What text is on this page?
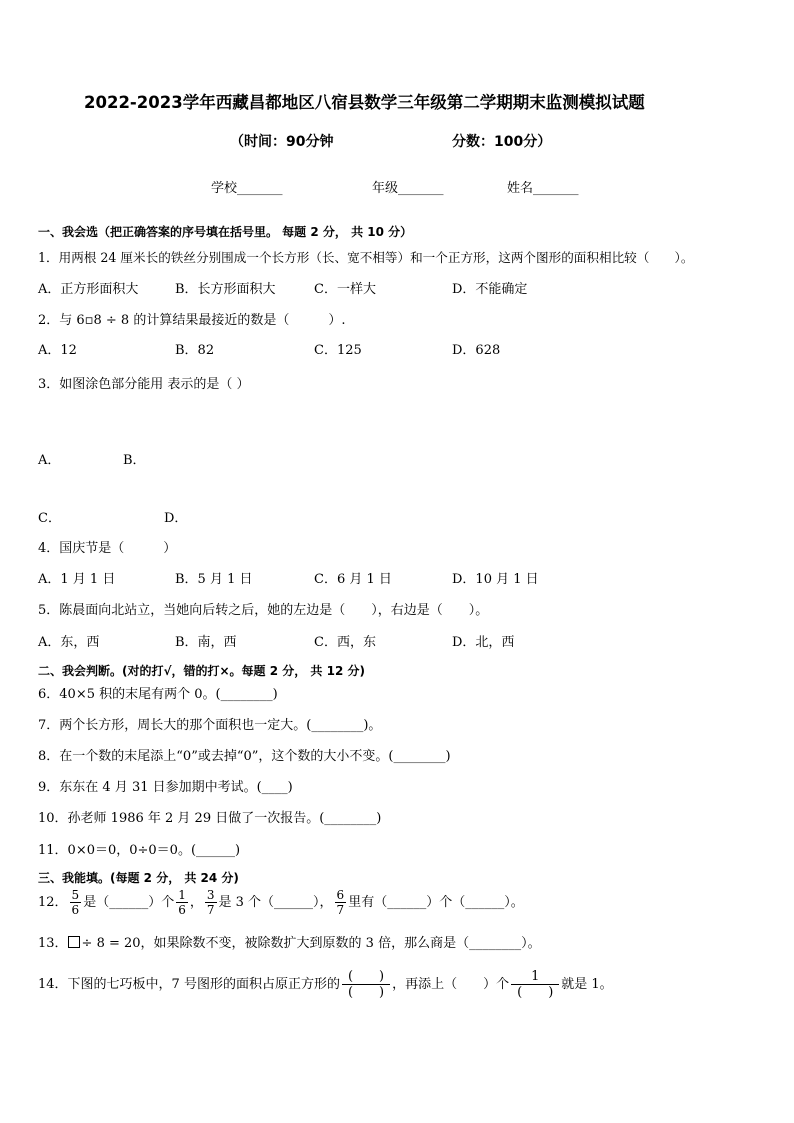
2022-2023学年西藏昌都地区八宿县数学三年级第二学期期末监测模拟试题
（时间：90分钟	分数：100分）
学校_______	年级_______	姓名_______
一、我会选（把正确答案的序号填在括号里。 每题 2 分， 共 10 分）
1．用两根 24 厘米长的铁丝分别围成一个长方形（长、宽不相等）和一个正方形，这两个图形的面积相比较（　　）。
A．正方形面积大	B．长方形面积大	C．一样大	D．不能确定
2．与 6▫8 ÷ 8 的计算结果最接近的数是（　　　）.
A．12	B．82	C．125	D．628
3．如图涂色部分能用 表示的是（ ）
A．	B．
C．	D．
4．国庆节是（　　　）
A．1 月 1 日	B．5 月 1 日	C．6 月 1 日	D．10 月 1 日
5．陈晨面向北站立，当她向后转之后，她的左边是（　　），右边是（　　）。
A．东，西	B．南，西	C．西，东	D．北，西
二、我会判断。(对的打√，错的打×。每题 2 分， 共 12 分)
6．40×5 积的末尾有两个 0。(________)
7．两个长方形，周长大的那个面积也一定大。(________)。
8．在一个数的末尾添上“0”或去掉“0”，这个数的大小不变。(________)
9．东东在 4 月 31 日参加期中考试。(____)
10．孙老师 1986 年 2 月 29 日做了一次报告。(________)
11．0×0＝0，0÷0＝0。(______)
三、我能填。(每题 2 分， 共 24 分)
12． $\frac{5}{6}$ 是（______）个 $\frac{1}{6}$ ， $\frac{3}{7}$ 是 3 个（______）， $\frac{6}{7}$ 里有（______）个（______）。
13． ÷ 8 = 20，如果除数不变，被除数扩大到原数的 3 倍，那么商是（________）。
14．下图的七巧板中，7 号图形的面积占原正方形的 $\frac{( )}{( )}$ ，再添上（　　）个 $\frac{1}{( )}$ 就是 1。
